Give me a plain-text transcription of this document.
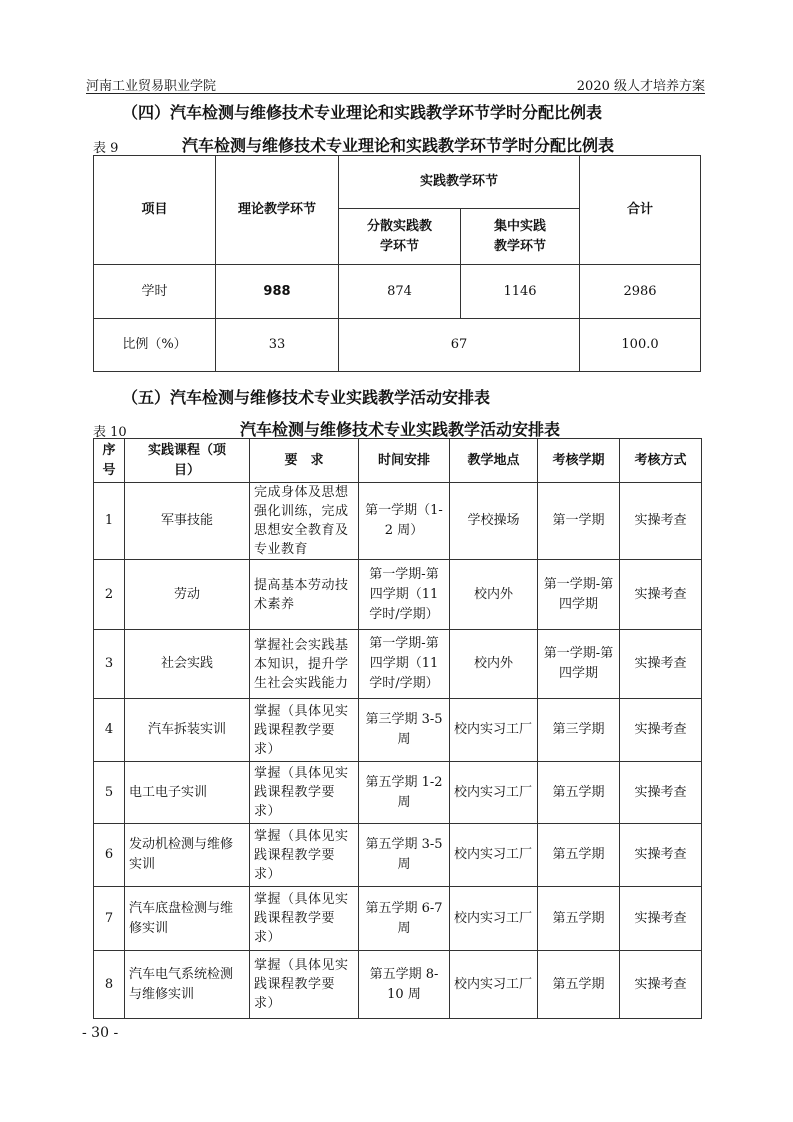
河南工业贸易职业学院	2020 级人才培养方案
（四）汽车检测与维修技术专业理论和实践教学环节学时分配比例表
表 9	汽车检测与维修技术专业理论和实践教学环节学时分配比例表
项目	理论教学环节	实践教学环节		合计
		分散实践教学环节	集中实践教学环节	
学时	988	874	1146	2986
比例（%）	33	67		100.0
（五）汽车检测与维修技术专业实践教学活动安排表
表 10	汽车检测与维修技术专业实践教学活动安排表
序号	实践课程（项目）	要　求	时间安排	教学地点	考核学期	考核方式
1	军事技能	完成身体及思想强化训练，完成思想安全教育及专业教育	第一学期（1-2 周）	学校操场	第一学期	实操考查
2	劳动	提高基本劳动技术素养	第一学期-第四学期（11 学时/学期）	校内外	第一学期-第四学期	实操考查
3	社会实践	掌握社会实践基本知识，提升学生社会实践能力	第一学期-第四学期（11 学时/学期）	校内外	第一学期-第四学期	实操考查
4	汽车拆装实训	掌握（具体见实践课程教学要求）	第三学期 3-5 周	校内实习工厂	第三学期	实操考查
5	电工电子实训	掌握（具体见实践课程教学要求）	第五学期 1-2 周	校内实习工厂	第五学期	实操考查
6	发动机检测与维修实训	掌握（具体见实践课程教学要求）	第五学期 3-5 周	校内实习工厂	第五学期	实操考查
7	汽车底盘检测与维修实训	掌握（具体见实践课程教学要求）	第五学期 6-7 周	校内实习工厂	第五学期	实操考查
8	汽车电气系统检测与维修实训	掌握（具体见实践课程教学要求）	第五学期 8-10 周	校内实习工厂	第五学期	实操考查
- 30 -
